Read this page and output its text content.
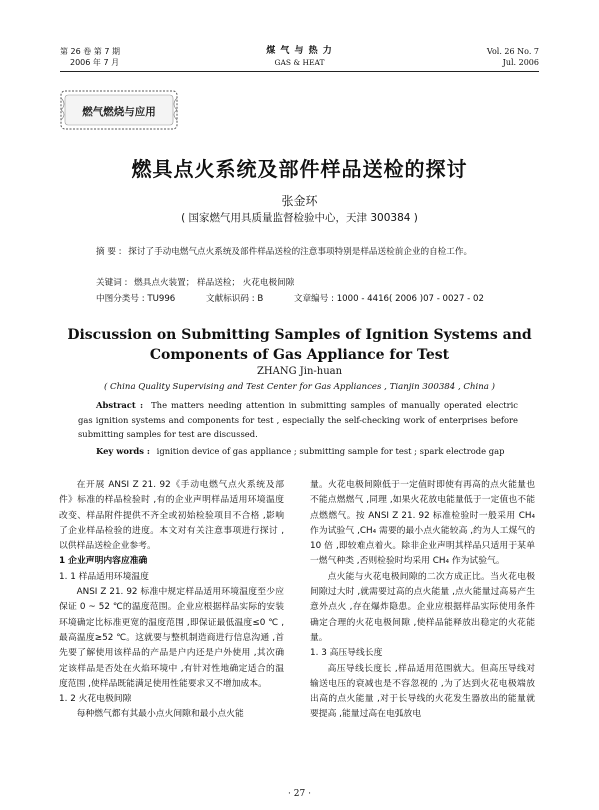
第 26 卷 第 7 期
2006 年 7 月
煤 气 与 热 力
GAS & HEAT
Vol. 26 No. 7
Jul. 2006
燃气燃烧与应用
燃具点火系统及部件样品送检的探讨
张金环
( 国家燃气用具质量监督检验中心，天津 300384 )
摘 要 : 探讨了手动电燃气点火系统及部件样品送检的注意事项特别是样品送检前企业的自检工作。
关键词 : 燃具点火装置； 样品送检； 火花电极间隙
中图分类号 : TU996	文献标识码 : B	文章编号 : 1000 - 4416( 2006 )07 - 0027 - 02
Discussion on Submitting Samples of Ignition Systems and
Components of Gas Appliance for Test
ZHANG Jin-huan
( China Quality Supervising and Test Center for Gas Appliances , Tianjin 300384 , China )
Abstract : The matters needing attention in submitting samples of manually operated electric gas ignition systems and components for test , especially the self-checking work of enterprises before submitting samples for test are discussed.
Key words : ignition device of gas appliance ; submitting sample for test ; spark electrode gap

在开展 ANSI Z 21. 92《手动电燃气点火系统及部件》标准的样品检验时 ,有的企业声明样品适用环境温度改变、样品附件提供不齐全或初始检验项目不合格 ,影响了企业样品检验的进度。本文对有关注意事项进行探讨 ,以供样品送检企业参考。

1 企业声明内容应准确

1. 1 样品适用环境温度

ANSI Z 21. 92 标准中规定样品适用环境温度至少应保证 0 ~ 52 ℃的温度范围。企业应根据样品实际的安装环境确定比标准更宽的温度范围 ,即保证最低温度≤0 ℃ ,最高温度≥52 ℃。这就要与整机制造商进行信息沟通 ,首先要了解使用该样品的产品是户内还是户外使用 ,其次确定该样品是否处在火焰环境中 ,有针对性地确定适合的温度范围 ,使样品既能满足使用性能要求又不增加成本。

1. 2 火花电极间隙

每种燃气都有其最小点火间隙和最小点火能

量。火花电极间隙低于一定值时即使有再高的点火能量也不能点燃燃气 ,同理 ,如果火花放电能量低于一定值也不能点燃燃气。按 ANSI Z 21. 92 标准检验时一般采用 CH₄ 作为试验气 ,CH₄ 需要的最小点火能较高 ,约为人工煤气的 10 倍 ,即较难点着火。除非企业声明其样品只适用于某单一燃气种类 ,否则检验时均采用 CH₄ 作为试验气。

点火能与火花电极间隙的二次方成正比。当火花电极间隙过大时 ,就需要过高的点火能量 ,点火能量过高易产生意外点火 ,存在爆炸隐患。企业应根据样品实际使用条件确定合理的火花电极间隙 ,使样品能释放出稳定的火花能量。

1. 3 高压导线长度

高压导线长度长 ,样品适用范围就大。但高压导线对输送电压的衰减也是不容忽视的 ,为了达到火花电极端放出高的点火能量 ,对于长导线的火花发生器放出的能量就要提高 ,能量过高在电弧放电

· 27 ·
